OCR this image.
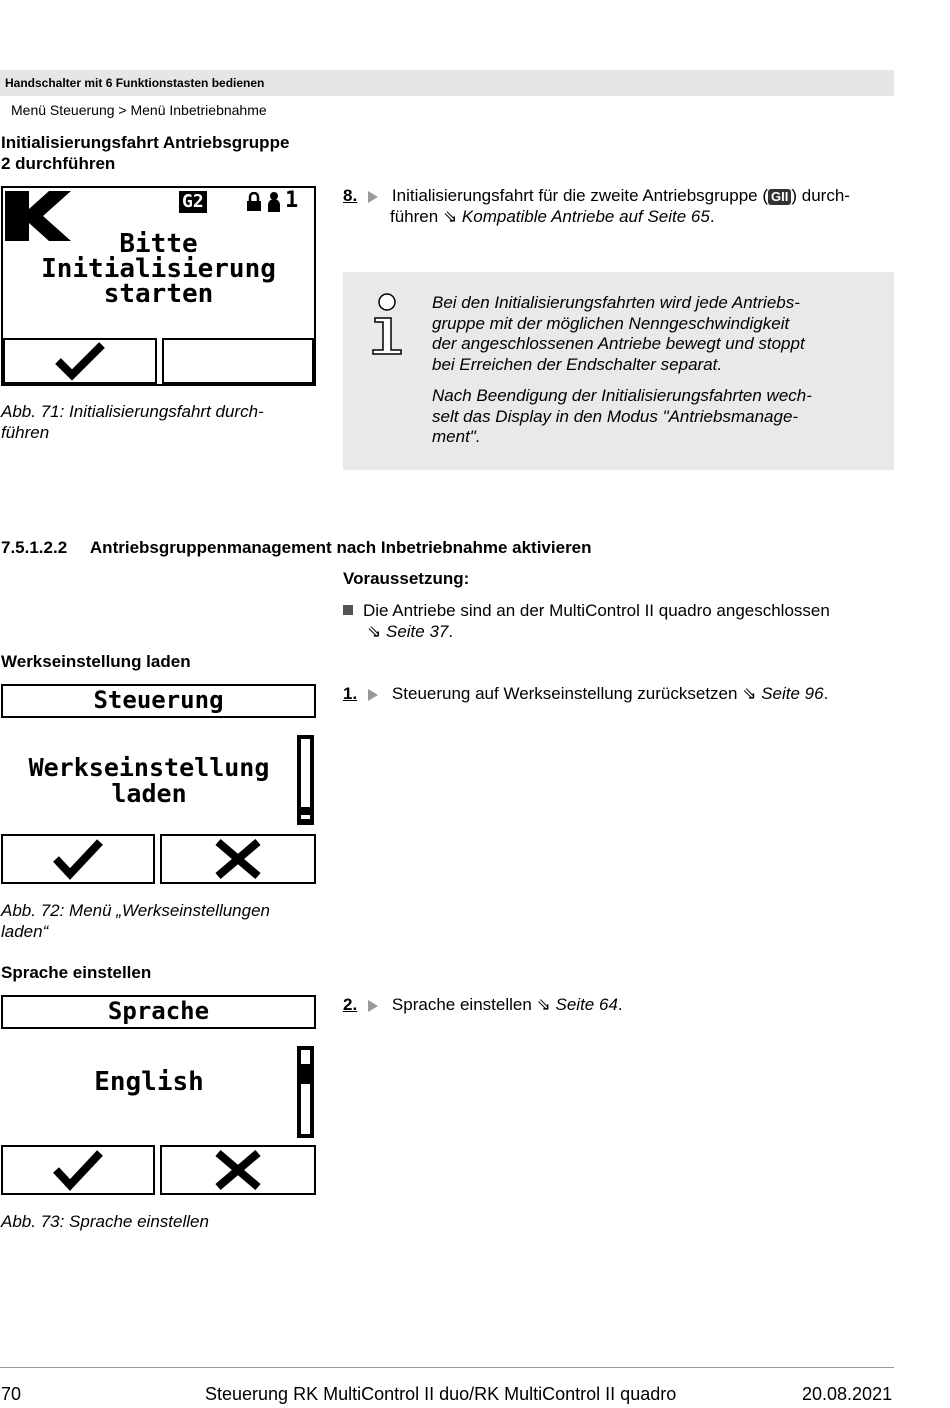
Handschalter mit 6 Funktionstasten bedienen
Menü Steuerung > Menü Inbetriebnahme
Initialisierungsfahrt Antriebsgruppe
2 durchführen
G2	1
Bitte
Initialisierung
starten
Abb. 71: Initialisierungsfahrt durch-
führen
8. Initialisierungsfahrt für die zweite Antriebsgruppe ( GII ) durch-
führen ⇘ Kompatible Antriebe auf Seite 65.
Bei den Initialisierungsfahrten wird jede Antriebs-
gruppe mit der möglichen Nenngeschwindigkeit
der angeschlossenen Antriebe bewegt und stoppt
bei Erreichen der Endschalter separat.
Nach Beendigung der Initialisierungsfahrten wech-
selt das Display in den Modus "Antriebsmanage-
ment".
7.5.1.2.2 Antriebsgruppenmanagement nach Inbetriebnahme aktivieren
Voraussetzung:
Die Antriebe sind an der MultiControl II quadro angeschlossen
⇘ Seite 37.
Werkseinstellung laden
Steuerung
Werkseinstellung
laden
Abb. 72: Menü „Werkseinstellungen
laden“
1. Steuerung auf Werkseinstellung zurücksetzen ⇘ Seite 96.
Sprache einstellen
Sprache
English
Abb. 73: Sprache einstellen
2. Sprache einstellen ⇘ Seite 64.
70	Steuerung RK MultiControl II duo/RK MultiControl II quadro	20.08.2021
